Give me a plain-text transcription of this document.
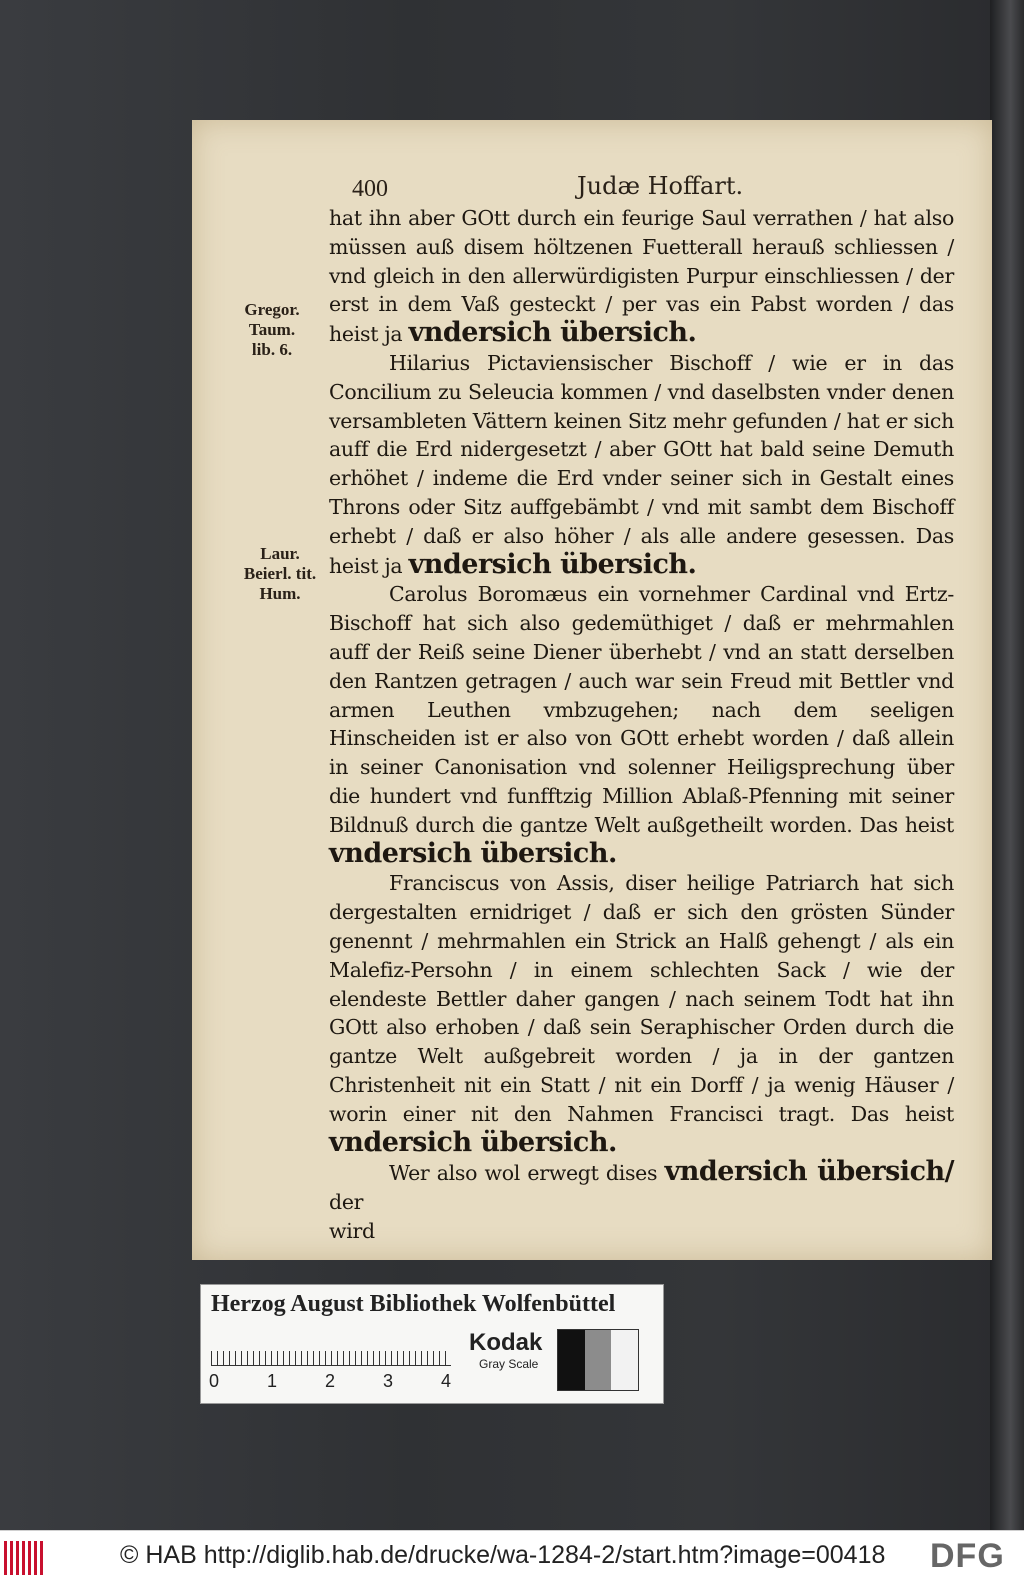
400	Judæ Hoffart.
Gregor.
Taum.
lib. 6.
Laur.
Beierl. tit.
Hum.

hat ihn aber GOtt durch ein feurige Saul verrathen / hat also müssen auß disem höltzenen Fuetterall herauß schliessen / vnd gleich in den allerwürdigisten Purpur einschliessen / der erst in dem Vaß gesteckt / per vas ein Pabst worden / das heist ja vndersich übersich.

Hilarius Pictaviensischer Bischoff / wie er in das Concilium zu Seleucia kommen / vnd daselbsten vnder denen versambleten Vättern keinen Sitz mehr gefunden / hat er sich auff die Erd nidergesetzt / aber GOtt hat bald seine Demuth erhöhet / indeme die Erd vnder seiner sich in Gestalt eines Throns oder Sitz auffgebämbt / vnd mit sambt dem Bischoff erhebt / daß er also höher / als alle andere gesessen. Das heist ja vndersich übersich.

Carolus Boromæus ein vornehmer Cardinal vnd Ertz-Bischoff hat sich also gedemüthiget / daß er mehrmahlen auff der Reiß seine Diener überhebt / vnd an statt derselben den Rantzen getragen / auch war sein Freud mit Bettler vnd armen Leuthen vmbzugehen; nach dem seeligen Hinscheiden ist er also von GOtt erhebt worden / daß allein in seiner Canonisation vnd solenner Heiligsprechung über die hundert vnd funfftzig Million Ablaß-Pfenning mit seiner Bildnuß durch die gantze Welt außgetheilt worden. Das heist vndersich übersich.

Franciscus von Assis, diser heilige Patriarch hat sich dergestalten ernidriget / daß er sich den grösten Sünder genennt / mehrmahlen ein Strick an Halß gehengt / als ein Malefiz-Persohn / in einem schlechten Sack / wie der elendeste Bettler daher gangen / nach seinem Todt hat ihn GOtt also erhoben / daß sein Seraphischer Orden durch die gantze Welt außgebreit worden / ja in der gantzen Christenheit nit ein Statt / nit ein Dorff / ja wenig Häuser / worin einer nit den Nahmen Francisci tragt. Das heist vndersich übersich.

Wer also wol erwegt dises vndersich übersich/ der

wird

Herzog August Bibliothek Wolfenbüttel
0	1	2	3	4
Kodak
Gray Scale
© HAB http://diglib.hab.de/drucke/wa-1284-2/start.htm?image=00418 DFG
